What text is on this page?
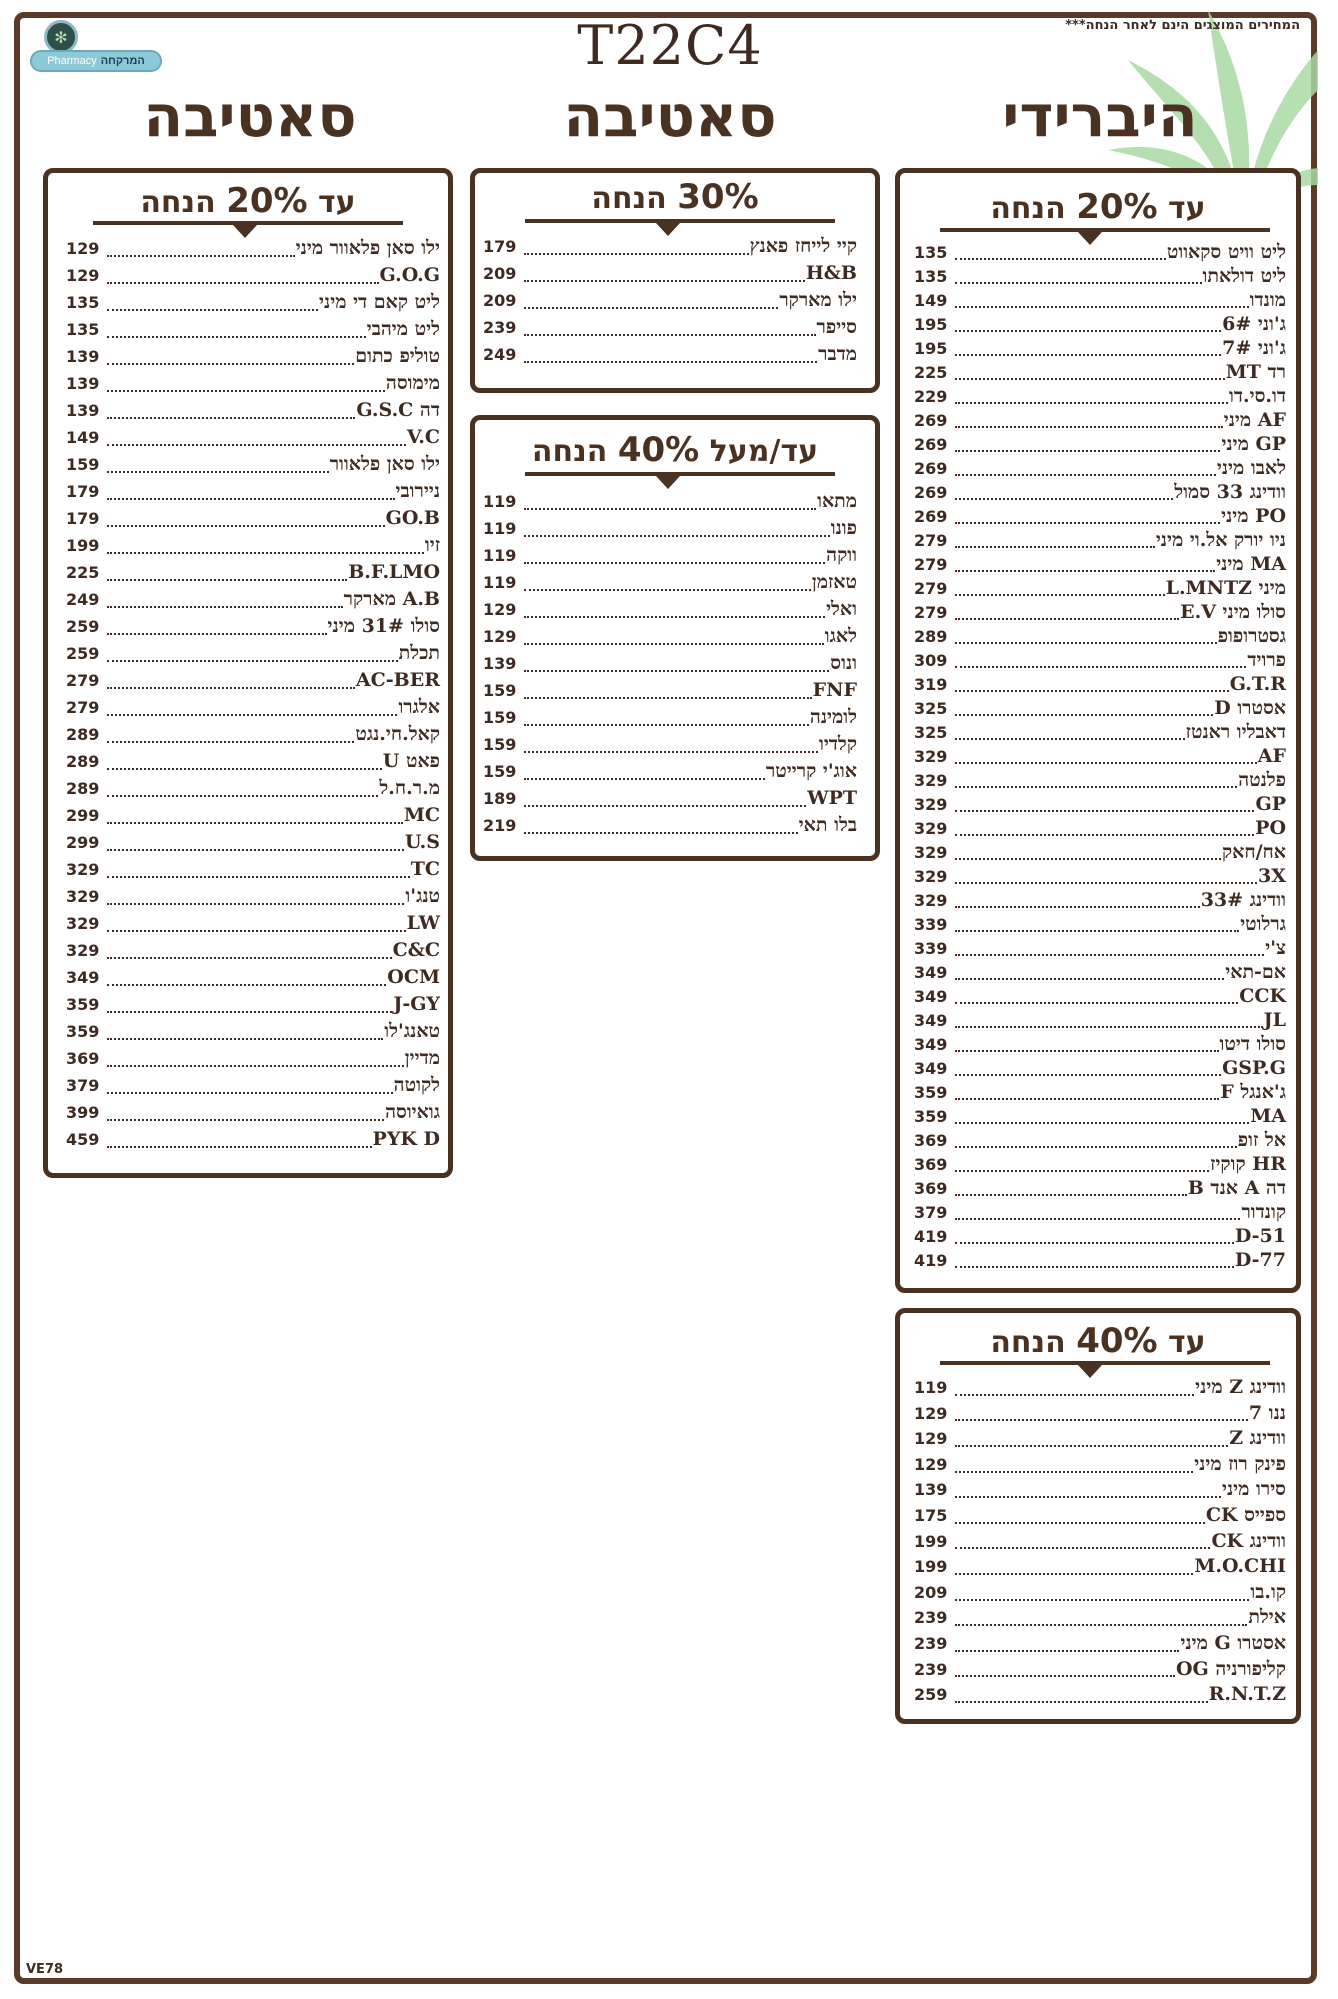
✻
Pharmacy המרקחה	T22C4	המחירים המוצגים הינם לאחר הנחה***
סאטיבה	סאטיבה	היברידי
עד 20% הנחה
129	ילו סאן פלאוור מיני
129	G.O.G
135	ליט קאם די מיני
135	ליט מיהבי
139	טוליפ כתום
139	מימוסה
139	דה G.S.C
149	V.C
159	ילו סאן פלאוור
179	ניירובי
179	GO.B
199	זיו
225	B.F.LMO
249	A.B מארקר
259	סולו 31# מיני
259	תכלת
279	AC-BER
279	אלגרו
289	קאל.חי.נגט
289	פאט U
289	מ.ר.ח.ל
299	MC
299	U.S
329	TC
329	טנג'ו
329	LW
329	C&C
349	OCM
359	J-GY
359	טאנג'לו
369	מדיין
379	לקוטה
399	גואיוסה
459	PYK D
30% הנחה
179	קיי לייחז פאנץ
209	H&B
209	ילו מארקר
239	סייפר
249	מדבר
עד/מעל 40% הנחה
119	מתאו
119	פונו
119	ווקה
119	טאזמן
129	ואלי
129	לאגו
139	ונוס
159	FNF
159	לומינה
159	קלדיו
159	אוג'י קרייטר
189	WPT
219	בלו תאי
עד 20% הנחה
135	ליט וויט סקאווט
135	ליט דולאתו
149	מונדו
195	ג'וני 6#
195	ג'וני 7#
225	רד MT
229	דו.סי.דו
269	AF מיני
269	GP מיני
269	לאבו מיני
269	וודינג 33 סמול
269	PO מיני
279	ניו יורק אל.וי מיני
279	MA מיני
279	מיני L.MNTZ
279	סולו מיני E.V
289	גסטרופופ
309	פרויד
319	G.T.R
325	אסטרו D
325	דאבליו ראנטז
329	AF
329	פלנטה
329	GP
329	PO
329	אח/חאק
329	3X
329	וודינג 33#
339	גרלוטי
339	צ'י
349	אם-תאי
349	CCK
349	JL
349	סולו דיטו
349	GSP.G
359	ג'אנגל F
359	MA
369	אל זופ
369	HR קוקיז
369	דה A אנד B
379	קונדור
419	D-51
419	D-77
עד 40% הנחה
119	וודינג Z מיני
129	ננו 7
129	וודינג Z
129	פינק רוז מיני
139	סירו מיני
175	ספייס CK
199	וודינג CK
199	M.O.CHI
209	קו.בו
239	אילת
239	אסטרו G מיני
239	קליפורניה OG
259	R.N.T.Z
VE78
